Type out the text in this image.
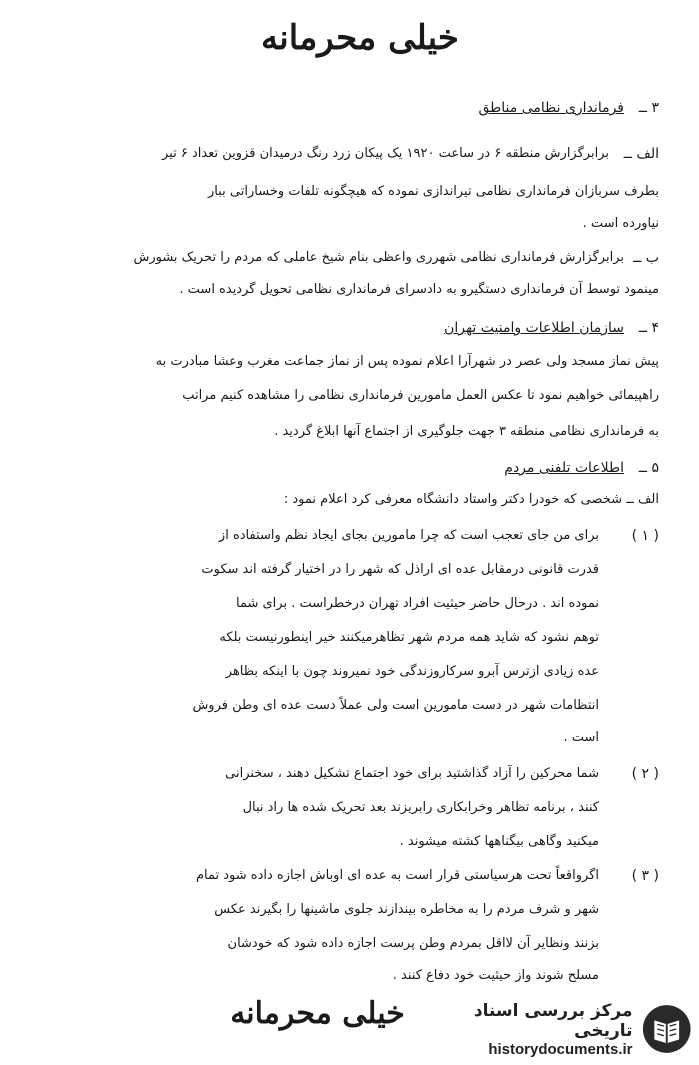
خیلی محرمانه
۳ ــ
فرمانداری نظامی مناطق
الف ــ
برابرگزارش منطقه ۶ در ساعت ۱۹۲۰ یک پیکان زرد رنگ درمیدان قزوین تعداد ۶ تیر
بطرف سربازان فرمانداری نظامی تیراندازی نموده که هیچگونه تلفات وخساراتی ببار
نیاورده است .
ب ــ
برابرگزارش فرمانداری نظامی شهرری واعظی بنام شیخ عاملی که مردم را تحریک بشورش
مینمود توسط آن فرمانداری دستگیرو به دادسرای فرمانداری نظامی تحویل گردیده است .
۴ ــ
سازمان اطلاعات وامنیت تهران
پیش نماز مسجد ولی عصر در شهرآرا اعلام نموده پس از نماز جماعت مغرب وعشا مبادرت به
راهپیمائی خواهیم نمود تا عکس العمل مامورین فرمانداری نظامی را مشاهده کنیم مراتب
به فرمانداری نظامی منطقه ۳ جهت جلوگیری از اجتماع آنها ابلاغ گردید .
۵ ــ
اطلاعات تلفنی مردم
الف ــ شخصی که خودرا دکتر واستاد دانشگاه معرفی کرد اعلام نمود :
( ۱ )
برای من جای تعجب است که چرا مامورین بجای ایجاد نظم واستفاده از
قدرت قانونی درمقابل عده ای اراذل که شهر را در اختیار گرفته اند سکوت
نموده اند . درحال حاضر حیثیت افراد تهران درخطراست . برای شما
توهم نشود که شاید همه مردم شهر تظاهرمیکنند خیر اینطورنیست بلکه
عده زیادی ازترس آبرو سرکاروزندگی خود نمیروند چون با اینکه بظاهر
انتظامات شهر در دست مامورین است ولی عملاً دست عده ای وطن فروش
است .
( ۲ )
شما محرکین را آزاد گذاشتید برای خود اجتماع تشکیل دهند ، سخنرانی
کنند ، برنامه تظاهر وخرابکاری رابریزند بعد تحریک شده ها راد نبال
میکنید وگاهی بیگناهها کشته میشوند .
( ۳ )
اگرواقعاً تحت هرسیاستی قرار است به عده ای اوباش اجازه داده شود تمام
شهر و شرف مردم را به مخاطره بیندازند جلوی ماشینها را بگیرند عکس
بزنند ونظایر آن لااقل بمردم وطن پرست اجازه داده شود که خودشان
مسلح شوند واز حیثیت خود دفاع کنند .
خیلی محرمانه	مرکز بررسی اسناد تاریخی
historydocuments.ir
